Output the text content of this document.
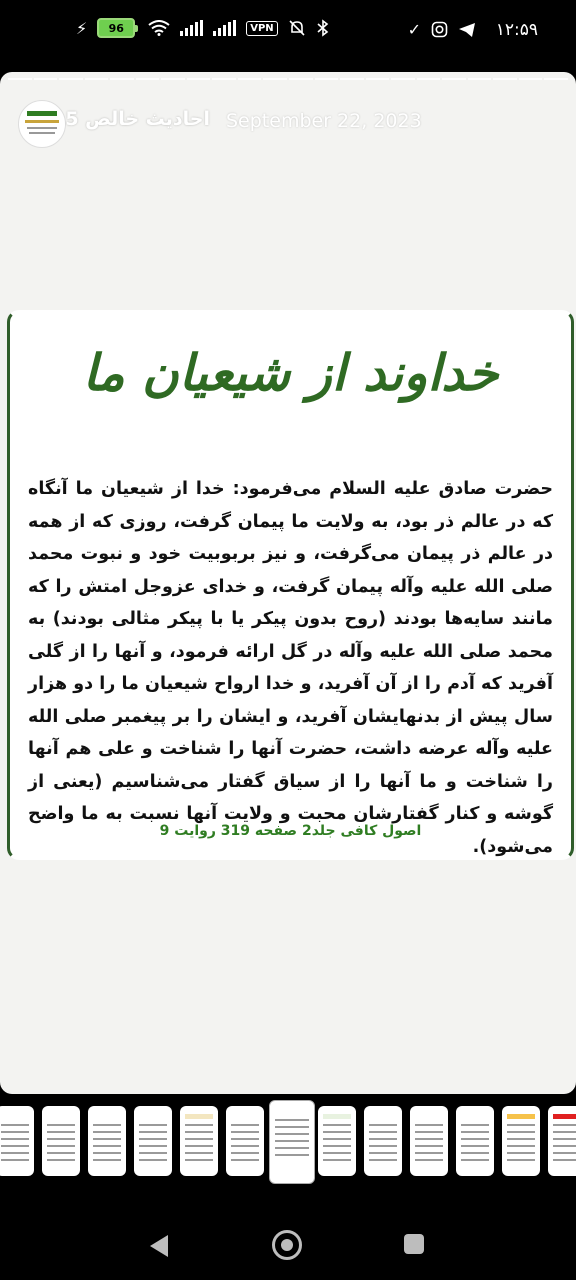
⚡	96	VPN	✓	۱۲:۵۹
احادیث خالص 5 September 22, 2023
خداوند از شیعیان ما
حضرت صادق علیه السلام می‌فرمود: خدا از شیعیان ما آنگاه که در عالم ذر بود، به ولایت ما پیمان گرفت، روزی که از همه در عالم ذر پیمان می‌گرفت، و نیز بربوبیت خود و نبوت محمد صلی الله علیه وآله پیمان گرفت، و خدای عزوجل امتش را که مانند سایه‌ها بودند (روح بدون پیکر یا با پیکر مثالی بودند) به محمد صلی الله علیه وآله در گل ارائه فرمود، و آنها را از گلی آفرید که آدم را از آن آفرید، و خدا ارواح شیعیان ما را دو هزار سال پیش از بدنهایشان آفرید، و ایشان را بر پیغمبر صلی الله علیه وآله عرضه داشت، حضرت آنها را شناخت و علی هم آنها را شناخت و ما آنها را از سیاق گفتار می‌شناسیم (یعنی از گوشه و کنار گفتارشان محبت و ولایت آنها نسبت به ما واضح می‌شود).
اصول کافی جلد2 صفحه 319 روایت 9
